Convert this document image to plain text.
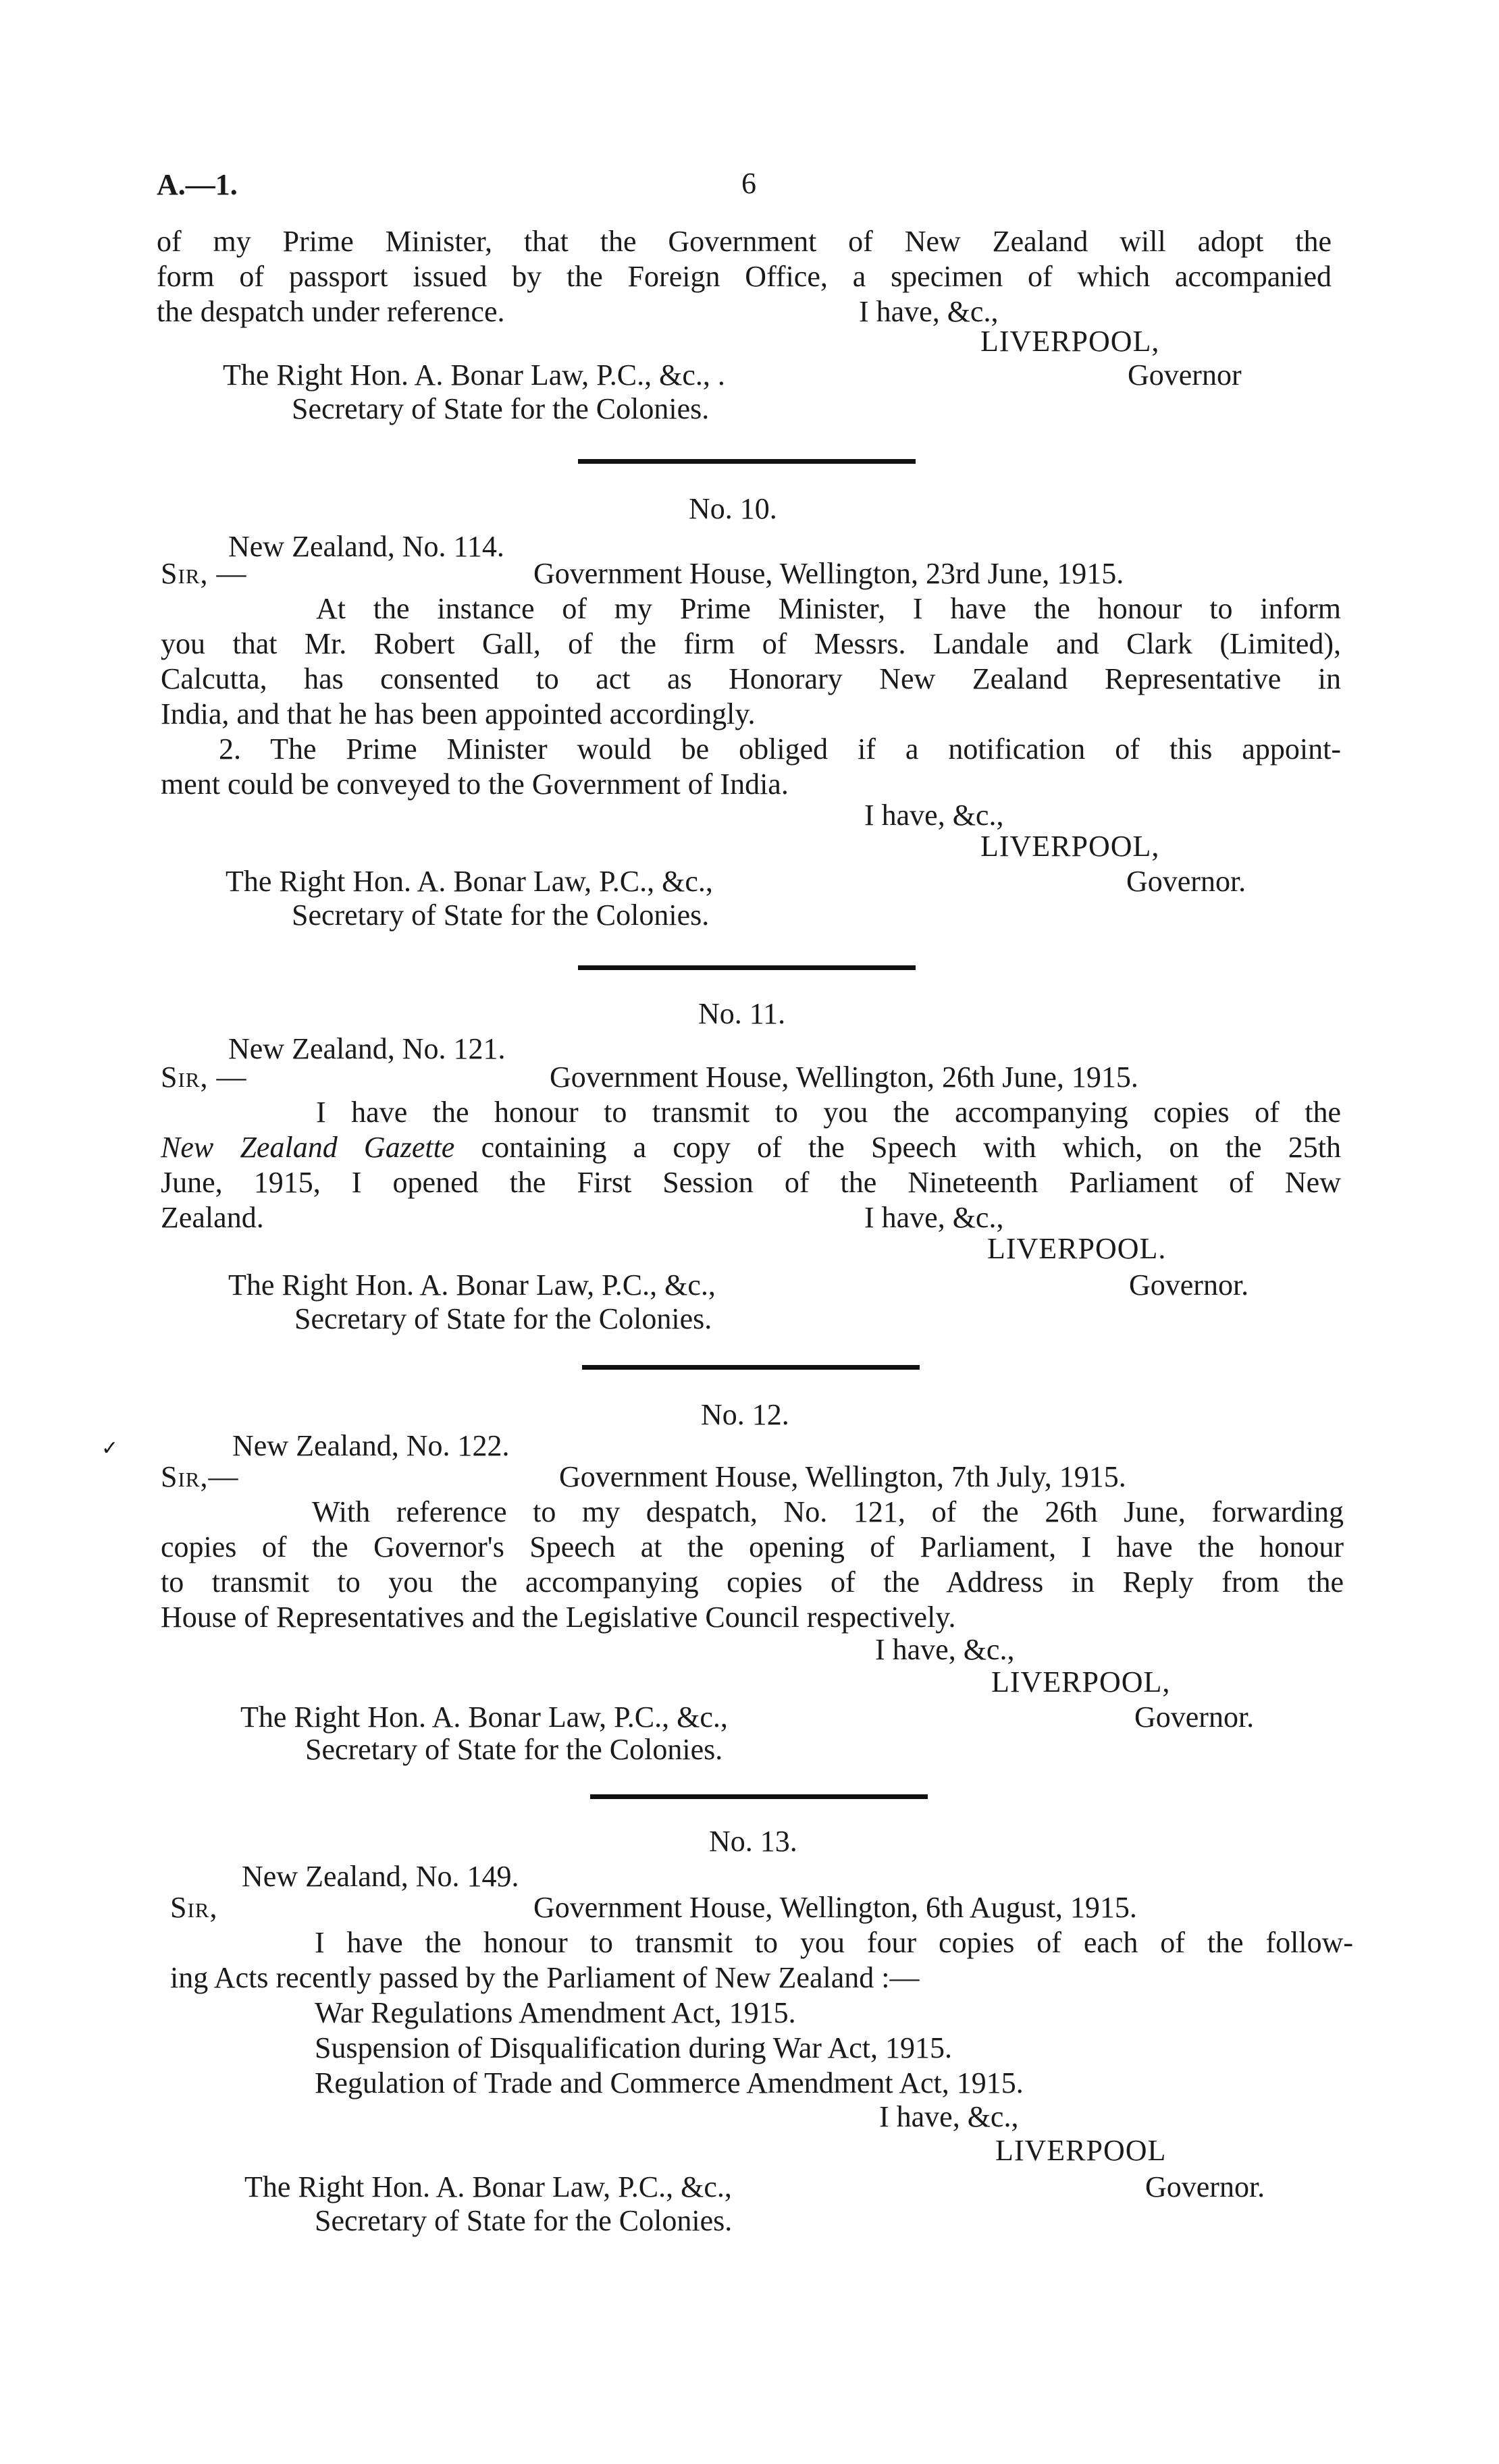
A.—1.	6
of my Prime Minister, that the Government of New Zealand will adopt the
form of passport issued by the Foreign Office, a specimen of which accompanied
the despatch under reference.	I have, &c.,
LIVERPOOL,
The Right Hon. A. Bonar Law, P.C., &c., .	Governor
Secretary of State for the Colonies.
No. 10.
New Zealand, No. 114.
Sir, —	Government House, Wellington, 23rd June, 1915.
At the instance of my Prime Minister, I have the honour to inform
you that Mr. Robert Gall, of the firm of Messrs. Landale and Clark (Limited),
Calcutta, has consented to act as Honorary New Zealand Representative in
India, and that he has been appointed accordingly.
2. The Prime Minister would be obliged if a notification of this appoint-
ment could be conveyed to the Government of India.
I have, &c.,
LIVERPOOL,
The Right Hon. A. Bonar Law, P.C., &c.,	Governor.
Secretary of State for the Colonies.
No. 11.
New Zealand, No. 121.
Sir, —	Government House, Wellington, 26th June, 1915.
I have the honour to transmit to you the accompanying copies of the
New Zealand Gazette containing a copy of the Speech with which, on the 25th
June, 1915, I opened the First Session of the Nineteenth Parliament of New
Zealand.	I have, &c.,
LIVERPOOL.
The Right Hon. A. Bonar Law, P.C., &c.,	Governor.
Secretary of State for the Colonies.
No. 12.
✓	New Zealand, No. 122.
Sir,—	Government House, Wellington, 7th July, 1915.
With reference to my despatch, No. 121, of the 26th June, forwarding
copies of the Governor's Speech at the opening of Parliament, I have the honour
to transmit to you the accompanying copies of the Address in Reply from the
House of Representatives and the Legislative Council respectively.
I have, &c.,
LIVERPOOL,
The Right Hon. A. Bonar Law, P.C., &c.,	Governor.
Secretary of State for the Colonies.
No. 13.
New Zealand, No. 149.
Sir,	Government House, Wellington, 6th August, 1915.
I have the honour to transmit to you four copies of each of the follow-
ing Acts recently passed by the Parliament of New Zealand :—
War Regulations Amendment Act, 1915.
Suspension of Disqualification during War Act, 1915.
Regulation of Trade and Commerce Amendment Act, 1915.
I have, &c.,
LIVERPOOL
The Right Hon. A. Bonar Law, P.C., &c.,	Governor.
Secretary of State for the Colonies.
